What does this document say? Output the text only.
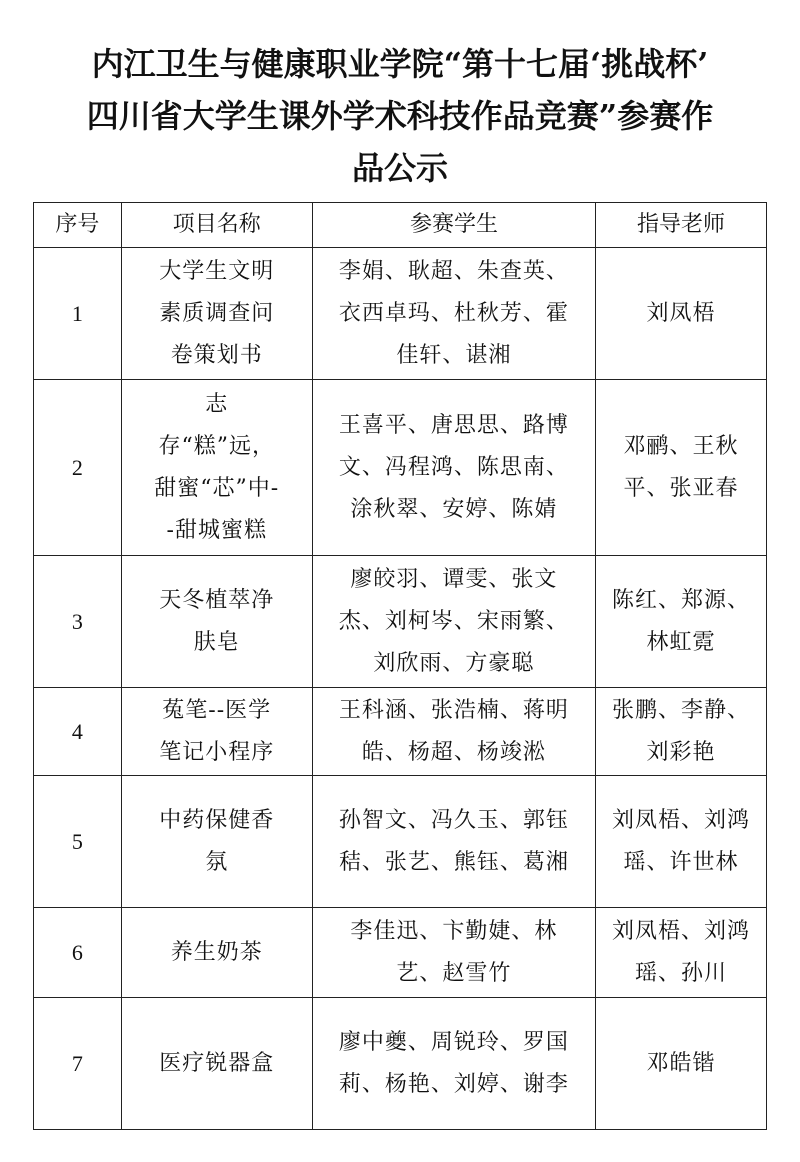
内江卫生与健康职业学院“第十七届‘挑战杯’
四川省大学生课外学术科技作品竞赛”参赛作
品公示
序号	项目名称	参赛学生	指导老师
1	大学生文明素质调查问卷策划书	李娟、耿超、朱查英、衣西卓玛、杜秋芳、霍佳轩、谌湘	刘凤梧
2	志存“糕”远，甜蜜“芯”中--甜城蜜糕	王喜平、唐思思、路博文、冯程鸿、陈思南、涂秋翠、安婷、陈婧	邓鹂、王秋平、张亚春
3	天冬植萃净肤皂	廖皎羽、谭雯、张文杰、刘柯岑、宋雨繁、刘欣雨、方豪聪	陈红、郑源、林虹霓
4	菟笔--医学笔记小程序	王科涵、张浩楠、蒋明皓、杨超、杨竣淞	张鹏、李静、刘彩艳
5	中药保健香氛	孙智文、冯久玉、郭钰秸、张艺、熊钰、葛湘	刘凤梧、刘鸿瑶、许世林
6	养生奶茶	李佳迅、卞勤婕、林艺、赵雪竹	刘凤梧、刘鸿瑶、孙川
7	医疗锐器盒	廖中夔、周锐玲、罗国莉、杨艳、刘婷、谢李	邓皓锴
